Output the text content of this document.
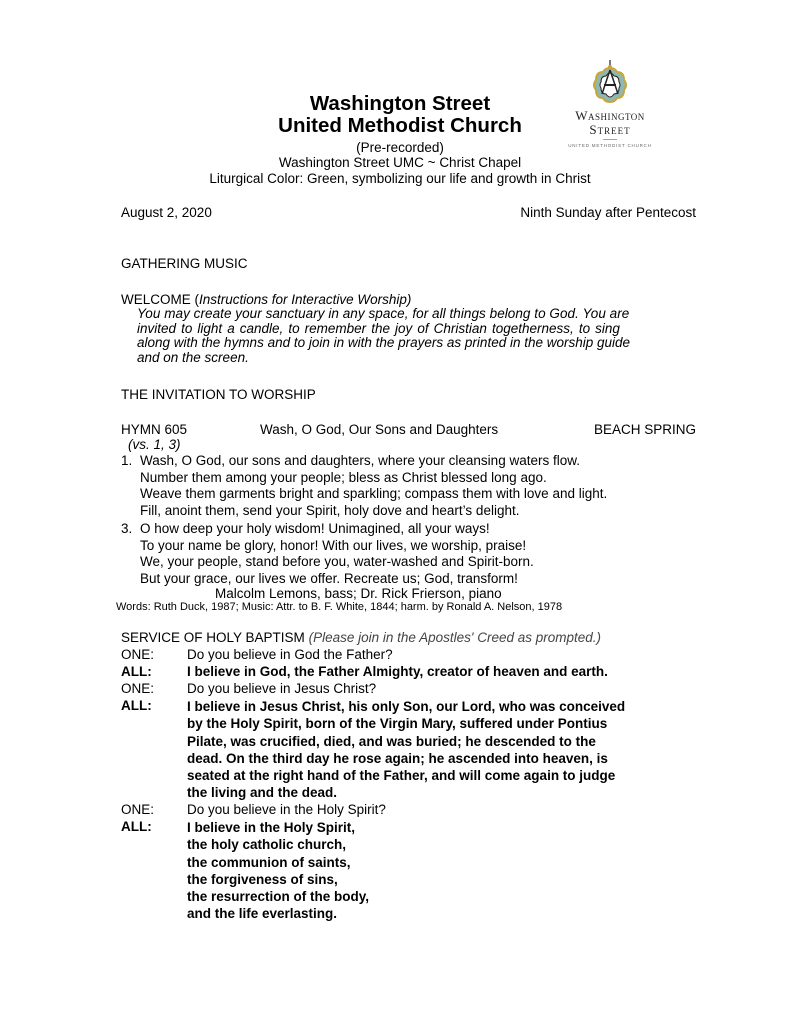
Washington Street
United Methodist Church
(Pre-recorded)
Washington Street UMC ~ Christ Chapel
Liturgical Color: Green, symbolizing our life and growth in Christ
Washington
Street
UNITED METHODIST CHURCH
August 2, 2020	Ninth Sunday after Pentecost
GATHERING MUSIC
WELCOME (Instructions for Interactive Worship)
You may create your sanctuary in any space, for all things belong to God. You are
invited to light a candle, to remember the joy of Christian togetherness, to sing
along with the hymns and to join in with the prayers as printed in the worship guide
and on the screen.
THE INVITATION TO WORSHIP
HYMN 605	Wash, O God, Our Sons and Daughters	BEACH SPRING
(vs. 1, 3)
1. Wash, O God, our sons and daughters, where your cleansing waters flow.
Number them among your people; bless as Christ blessed long ago.
Weave them garments bright and sparkling; compass them with love and light.
Fill, anoint them, send your Spirit, holy dove and heart’s delight.
3. O how deep your holy wisdom! Unimagined, all your ways!
To your name be glory, honor! With our lives, we worship, praise!
We, your people, stand before you, water-washed and Spirit-born.
But your grace, our lives we offer. Recreate us; God, transform!
Malcolm Lemons, bass; Dr. Rick Frierson, piano
Words: Ruth Duck, 1987; Music: Attr. to B. F. White, 1844; harm. by Ronald A. Nelson, 1978
SERVICE OF HOLY BAPTISM (Please join in the Apostles' Creed as prompted.)
ONE: Do you believe in God the Father?
ALL:	I believe in God, the Father Almighty, creator of heaven and earth.
ONE: Do you believe in Jesus Christ?
ALL:	I believe in Jesus Christ, his only Son, our Lord, who was conceived
by the Holy Spirit, born of the Virgin Mary, suffered under Pontius
Pilate, was crucified, died, and was buried; he descended to the
dead. On the third day he rose again; he ascended into heaven, is
seated at the right hand of the Father, and will come again to judge
the living and the dead.
ONE: Do you believe in the Holy Spirit?
ALL:	I believe in the Holy Spirit,
the holy catholic church,
the communion of saints,
the forgiveness of sins,
the resurrection of the body,
and the life everlasting.
